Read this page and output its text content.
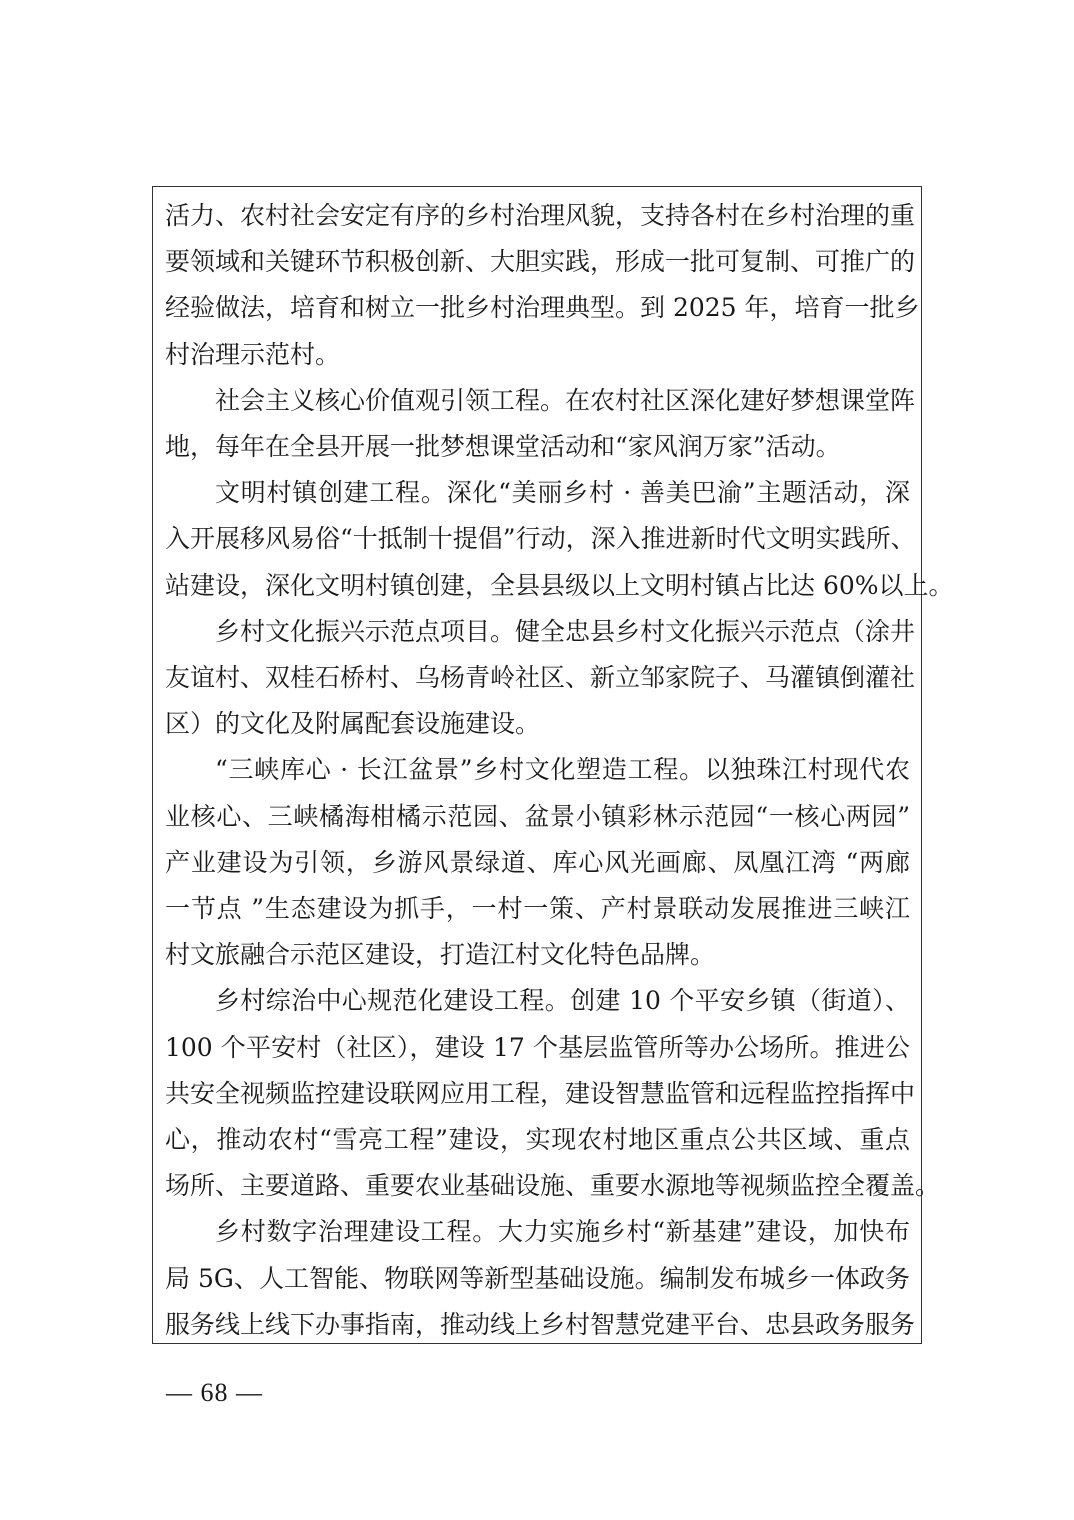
活力、农村社会安定有序的乡村治理风貌，支持各村在乡村治理的重
要领域和关键环节积极创新、大胆实践，形成一批可复制、可推广的
经验做法，培育和树立一批乡村治理典型。到 2025 年，培育一批乡
村治理示范村。
社会主义核心价值观引领工程。在农村社区深化建好梦想课堂阵
地，每年在全县开展一批梦想课堂活动和“家风润万家”活动。
文明村镇创建工程。深化“美丽乡村 · 善美巴渝”主题活动，深
入开展移风易俗“十抵制十提倡”行动，深入推进新时代文明实践所、
站建设，深化文明村镇创建，全县县级以上文明村镇占比达 60%以上。
乡村文化振兴示范点项目。健全忠县乡村文化振兴示范点（涂井
友谊村、双桂石桥村、乌杨青岭社区、新立邹家院子、马灌镇倒灌社
区）的文化及附属配套设施建设。
“三峡库心 · 长江盆景”乡村文化塑造工程。以独珠江村现代农
业核心、三峡橘海柑橘示范园、盆景小镇彩林示范园“一核心两园”
产业建设为引领，乡游风景绿道、库心风光画廊、凤凰江湾 “两廊
一节点 ”生态建设为抓手，一村一策、产村景联动发展推进三峡江
村文旅融合示范区建设，打造江村文化特色品牌。
乡村综治中心规范化建设工程。创建 10 个平安乡镇（街道）、
100 个平安村（社区），建设 17 个基层监管所等办公场所。推进公
共安全视频监控建设联网应用工程，建设智慧监管和远程监控指挥中
心，推动农村“雪亮工程”建设，实现农村地区重点公共区域、重点
场所、主要道路、重要农业基础设施、重要水源地等视频监控全覆盖。
乡村数字治理建设工程。大力实施乡村“新基建”建设，加快布
局 5G、人工智能、物联网等新型基础设施。编制发布城乡一体政务
— 68 —
服务线上线下办事指南，推动线上乡村智慧党建平台、忠县政务服务
